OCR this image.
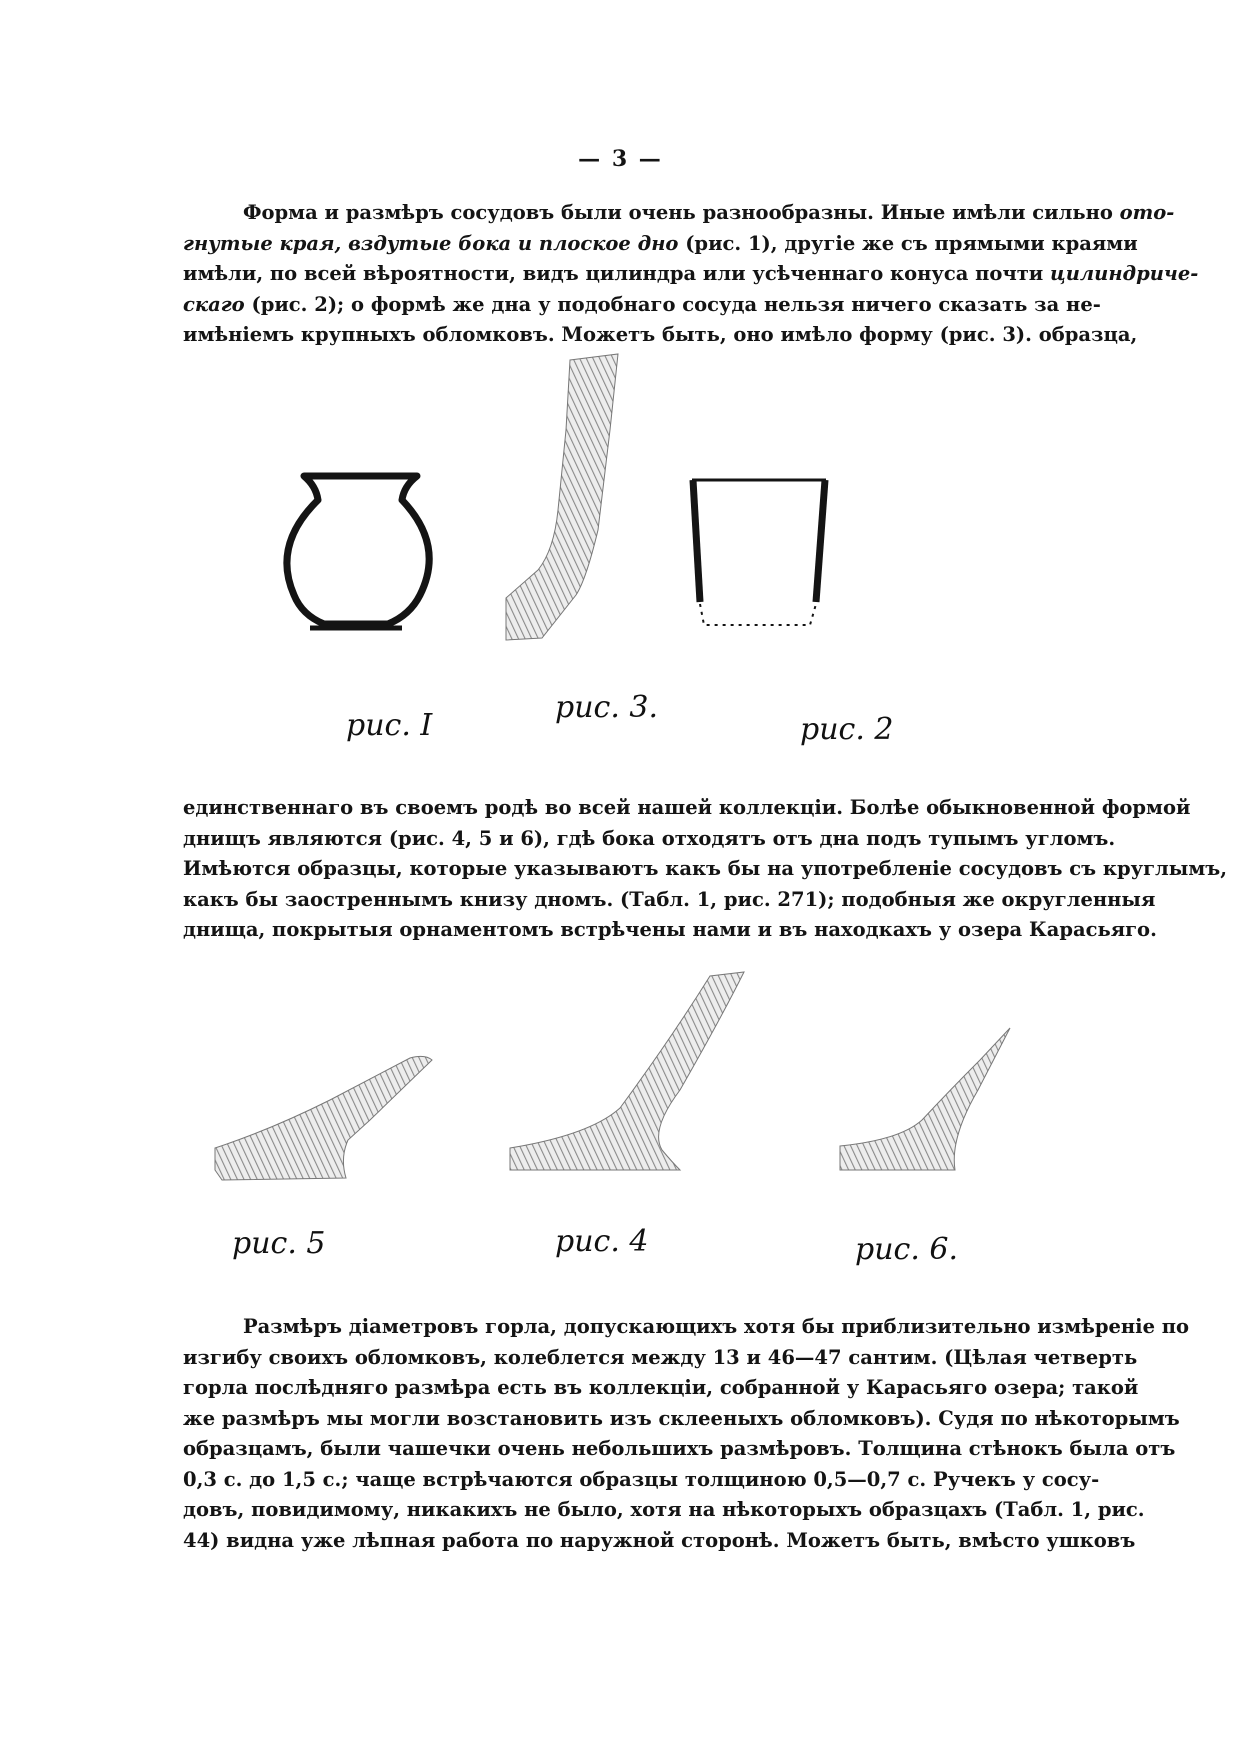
— 3 —
Форма и размѣръ сосудовъ были очень разнообразны. Иные имѣли сильно ото-
гнутые края, вздутые бока и плоское дно (рис. 1), другіе же съ прямыми краями
имѣли, по всей вѣроятности, видъ цилиндра или усѣченнаго конуса почти цилиндриче-
скаго (рис. 2); о формѣ же дна у подобнаго сосуда нельзя ничего сказать за не-
имѣніемъ крупныхъ обломковъ. Можетъ быть, оно имѣло форму (рис. 3). образца,
рис. I
рис. 3.
рис. 2
единственнаго въ своемъ родѣ во всей нашей коллекціи. Болѣе обыкновенной формой
днищъ являются (рис. 4, 5 и 6), гдѣ бока отходятъ отъ дна подъ тупымъ угломъ.
Имѣются образцы, которые указываютъ какъ бы на употребленіе сосудовъ съ круглымъ,
какъ бы заостреннымъ книзу дномъ. (Табл. 1, рис. 271); подобныя же округленныя
днища, покрытыя орнаментомъ встрѣчены нами и въ находкахъ у озера Карасьяго.
рис. 5	рис. 4	рис. 6.
Размѣръ діаметровъ горла, допускающихъ хотя бы приблизительно измѣреніе по
изгибу своихъ обломковъ, колеблется между 13 и 46—47 сантим. (Цѣлая четверть
горла послѣдняго размѣра есть въ коллекціи, собранной у Карасьяго озера; такой
же размѣръ мы могли возстановить изъ склееныхъ обломковъ). Судя по нѣкоторымъ
образцамъ, были чашечки очень небольшихъ размѣровъ. Толщина стѣнокъ была отъ
0,3 с. до 1,5 с.; чаще встрѣчаются образцы толщиною 0,5—0,7 с. Ручекъ у сосу-
довъ, повидимому, никакихъ не было, хотя на нѣкоторыхъ образцахъ (Табл. 1, рис.
44) видна уже лѣпная работа по наружной сторонѣ. Можетъ быть, вмѣсто ушковъ
